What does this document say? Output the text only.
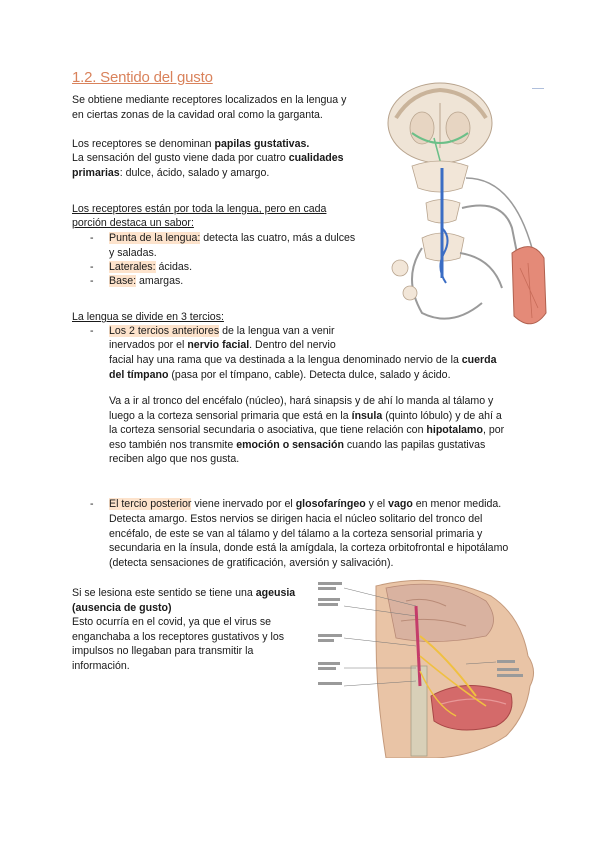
——
1.2. Sentido del gusto
Se obtiene mediante receptores localizados en la lengua y
en ciertas zonas de la cavidad oral como la garganta.
Los receptores se denominan papilas gustativas.
La sensación del gusto viene dada por cuatro cualidades
primarias: dulce, ácido, salado y amargo.
Los receptores están por toda la lengua, pero en cada
porción destaca un sabor:
- Punta de la lengua: detecta las cuatro, más a dulces
y saladas.
- Laterales: ácidas.
- Base: amargas.
La lengua se divide en 3 tercios:
- Los 2 tercios anteriores de la lengua van a venir
inervados por el nervio facial. Dentro del nervio
facial hay una rama que va destinada a la lengua denominado nervio de la cuerda
del tímpano (pasa por el tímpano, cable). Detecta dulce, salado y ácido.
Va a ir al tronco del encéfalo (núcleo), hará sinapsis y de ahí lo manda al tálamo y
luego a la corteza sensorial primaria que está en la ínsula (quinto lóbulo) y de ahí a
la corteza sensorial secundaria o asociativa, que tiene relación con hipotalamo, por
eso también nos transmite emoción o sensación cuando las papilas gustativas
reciben algo que nos gusta.
- El tercio posterior viene inervado por el glosofaríngeo y el vago en menor medida.
Detecta amargo. Estos nervios se dirigen hacia el núcleo solitario del tronco del
encéfalo, de este se van al tálamo y del tálamo a la corteza sensorial primaria y
secundaria en la ínsula, donde está la amígdala, la corteza orbitofrontal e hipotálamo
(detecta sensaciones de gratificación, aversión y salivación).
Si se lesiona este sentido se tiene una ageusia
(ausencia de gusto)
Esto ocurría en el covid, ya que el virus se
enganchaba a los receptores gustativos y los
impulsos no llegaban para transmitir la
información.
